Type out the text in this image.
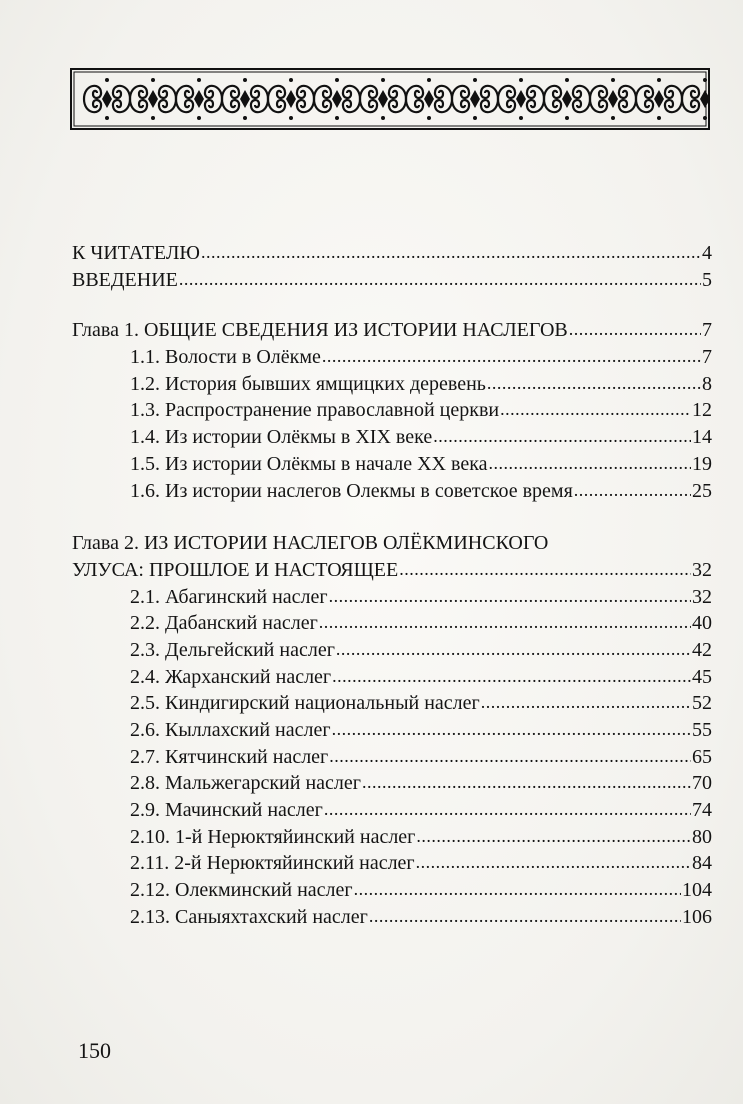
К ЧИТАТЕЛЮ .....	4
ВВЕДЕНИЕ .....	5
Глава 1. ОБЩИЕ СВЕДЕНИЯ ИЗ ИСТОРИИ НАСЛЕГОВ .....	7
1.1. Волости в Олёкме .....	7
1.2. История бывших ямщицких деревень .....	8
1.3. Распространение православной церкви .....	12
1.4. Из истории Олёкмы в XIX веке .....	14
1.5. Из истории Олёкмы в начале XX века .....	19
1.6. Из истории наслегов Олекмы в советское время .....	25
Глава 2. ИЗ ИСТОРИИ НАСЛЕГОВ ОЛЁКМИНСКОГО
УЛУСА: ПРОШЛОЕ И НАСТОЯЩЕЕ .....	32
2.1. Абагинский наслег .....	32
2.2. Дабанский наслег .....	40
2.3. Дельгейский наслег .....	42
2.4. Жарханский наслег .....	45
2.5. Киндигирский национальный наслег .....	52
2.6. Кыллахский наслег .....	55
2.7. Кятчинский наслег .....	65
2.8. Мальжегарский наслег .....	70
2.9. Мачинский наслег .....	74
2.10. 1-й Нерюктяйинский наслег .....	80
2.11. 2-й Нерюктяйинский наслег .....	84
2.12. Олекминский наслег .....	104
2.13. Саныяхтахский наслег .....	106
150
